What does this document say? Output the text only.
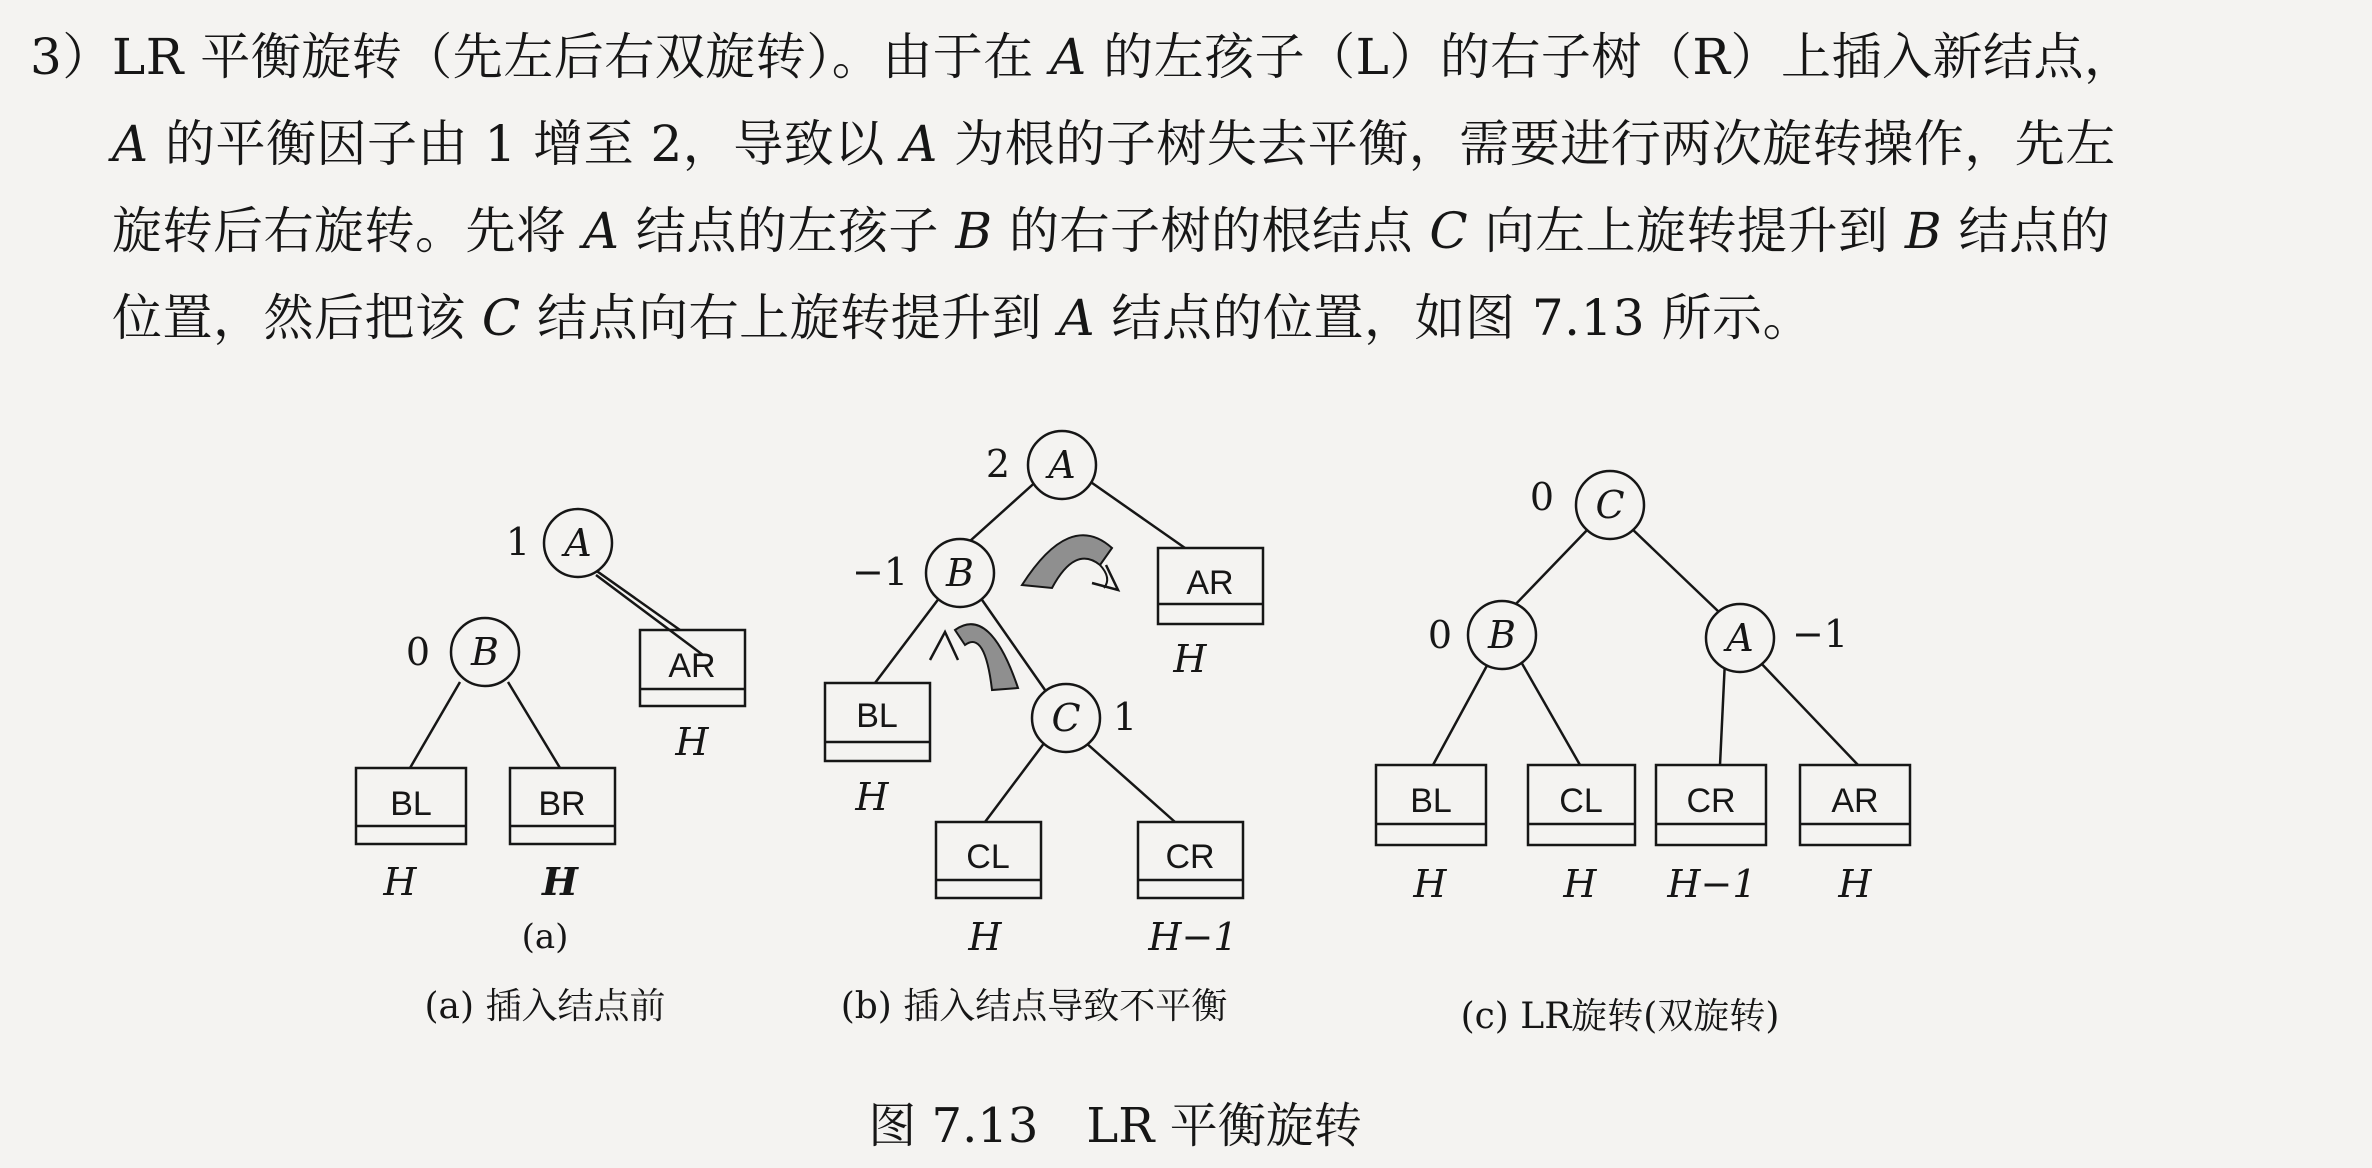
3）LR 平衡旋转（先左后右双旋转）。由于在 A 的左孩子（L）的右子树（R）上插入新结点，
A 的平衡因子由 1 增至 2，导致以 A 为根的子树失去平衡，需要进行两次旋转操作，先左
旋转后右旋转。先将 A 结点的左孩子 B 的右子树的根结点 C 向左上旋转提升到 B 结点的
位置，然后把该 C 结点向右上旋转提升到 A 结点的位置，如图 7.13 所示。
A
1
B
0
BL
H
BR
H
AR
H
(a)
(a) 插入结点前
A
2
B
−1
C 1
AR
H
BL
H
CL
H
CR
H−1
(b) 插入结点导致不平衡
C
0
B
0	A −1
BL
H
CL
H
CR
H−1
AR
H
(c) LR旋转(双旋转)
图 7.13　LR 平衡旋转
